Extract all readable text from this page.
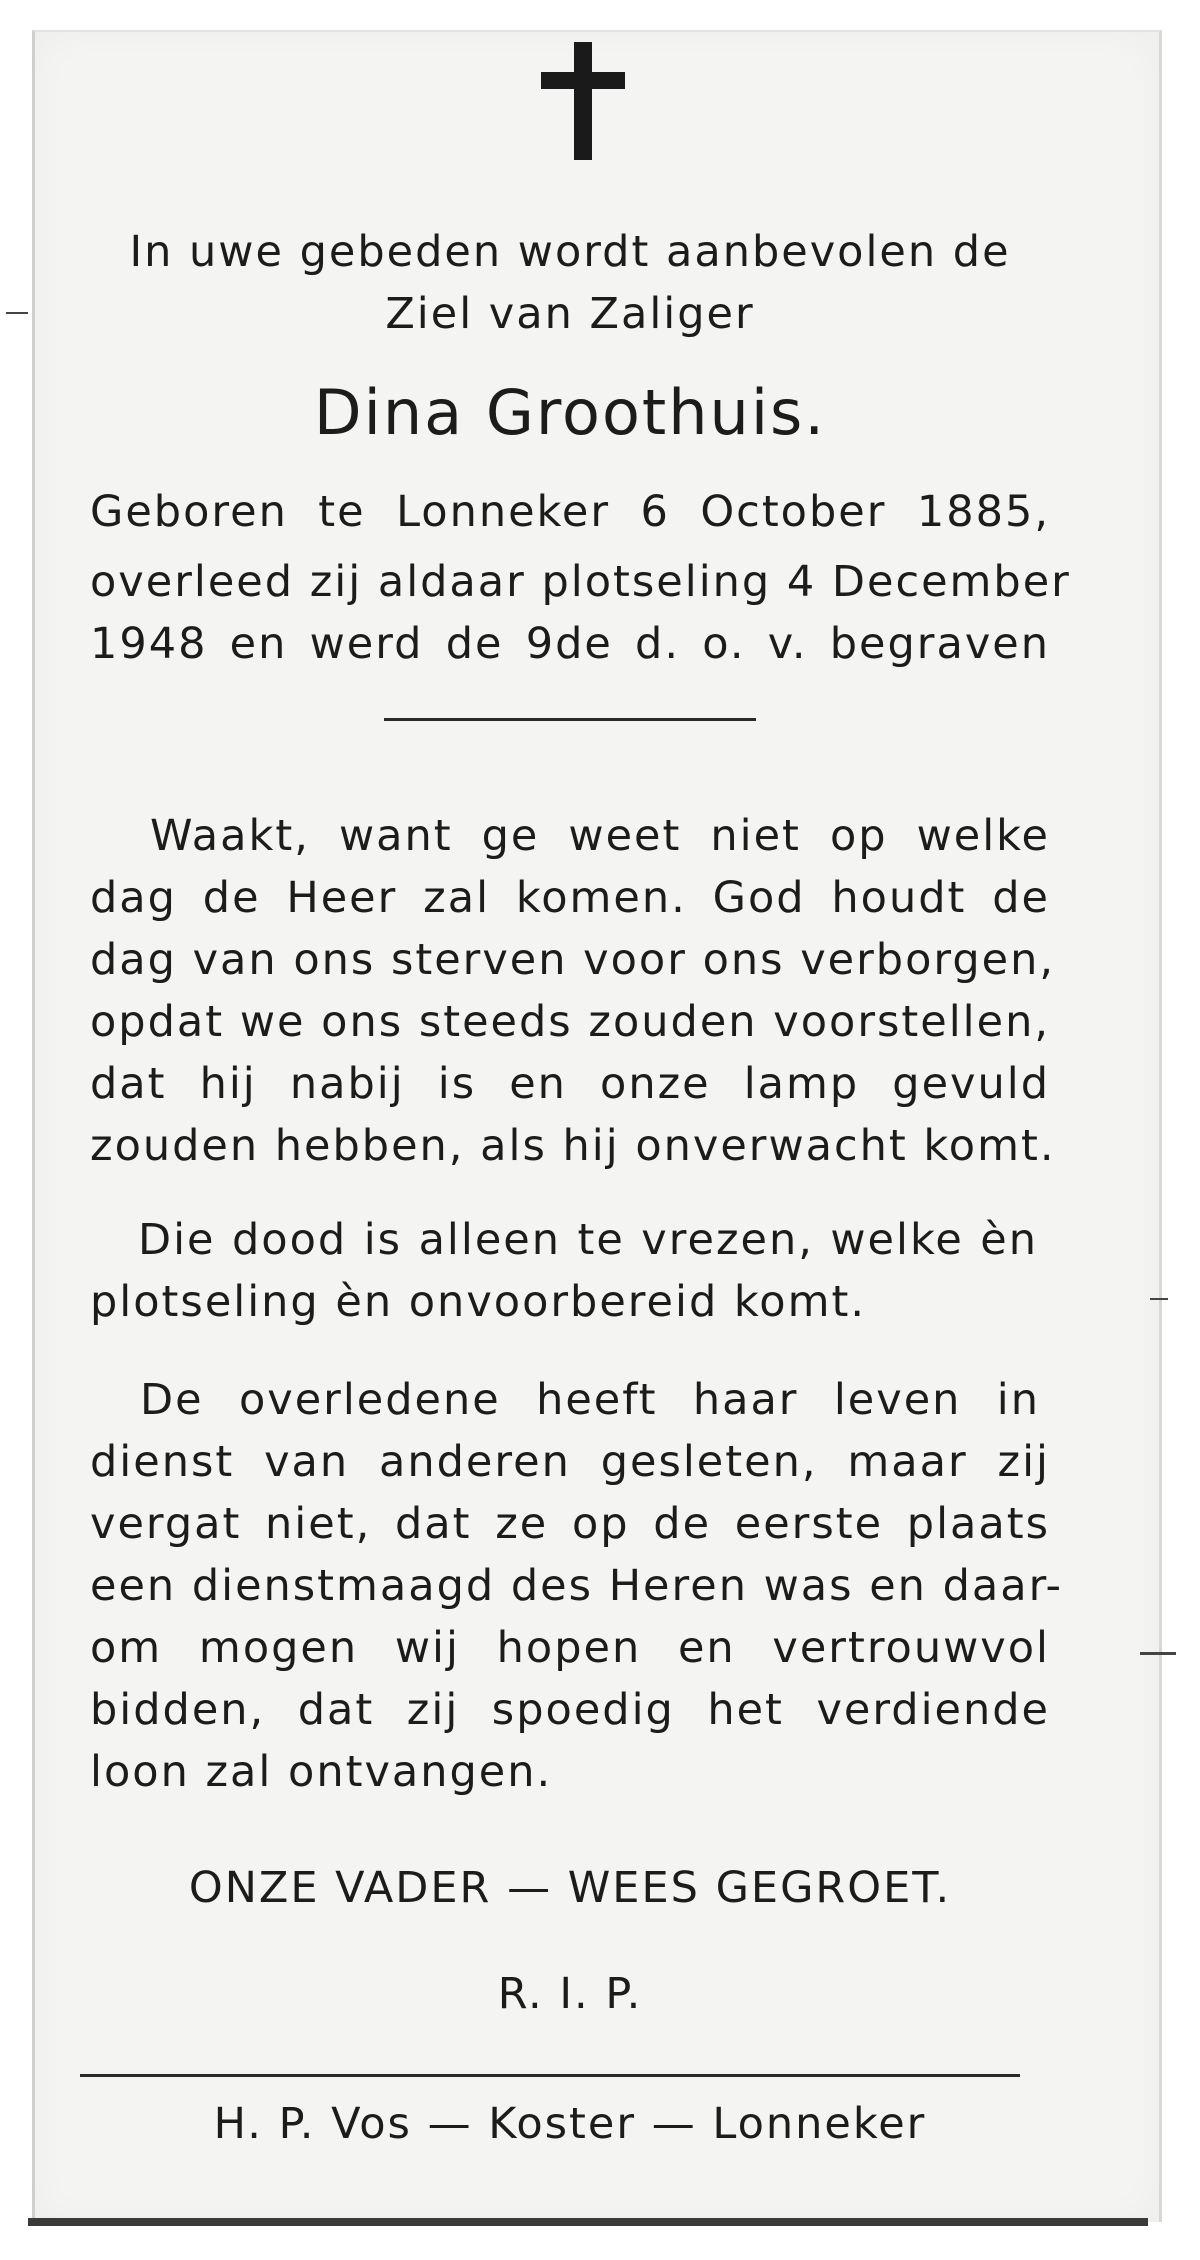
In uwe gebeden wordt aanbevolen de
Ziel van Zaliger
Dina Groothuis.
Geboren te Lonneker 6 October 1885,
overleed zij aldaar plotseling 4 December
1948 en werd de 9de d. o. v. begraven
Waakt, want ge weet niet op welke
dag de Heer zal komen. God houdt de
dag van ons sterven voor ons verborgen,
opdat we ons steeds zouden voorstellen,
dat hij nabij is en onze lamp gevuld
zouden hebben, als hij onverwacht komt.
Die dood is alleen te vrezen, welke èn
plotseling èn onvoorbereid komt.
De overledene heeft haar leven in
dienst van anderen gesleten, maar zij
vergat niet, dat ze op de eerste plaats
een dienstmaagd des Heren was en daar-
om mogen wij hopen en vertrouwvol
bidden, dat zij spoedig het verdiende
loon zal ontvangen.
ONZE VADER — WEES GEGROET.
R. I. P.
H. P. Vos — Koster — Lonneker
